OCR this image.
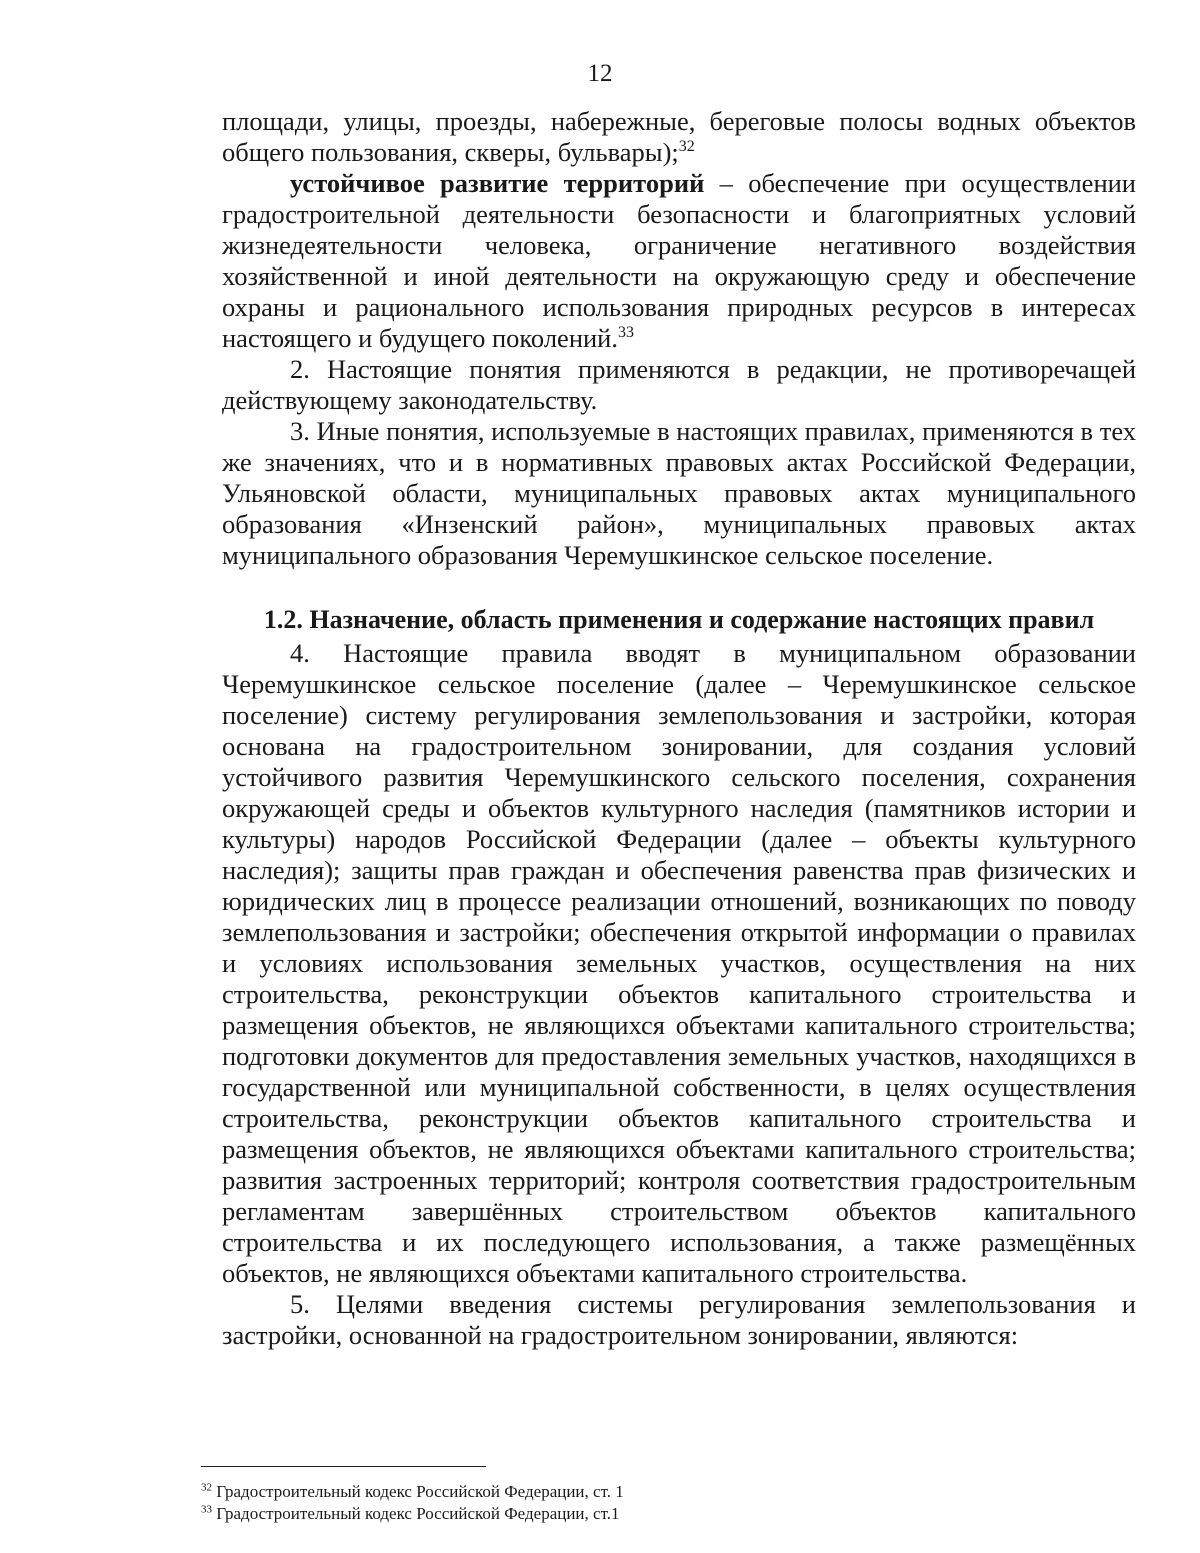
12

площади, улицы, проезды, набережные, береговые полосы водных объектов общего пользования, скверы, бульвары);$^{32}$

устойчивое развитие территорий – обеспечение при осуществлении градостроительной деятельности безопасности и благоприятных условий жизнедеятельности человека, ограничение негативного воздействия хозяйственной и иной деятельности на окружающую среду и обеспечение охраны и рационального использования природных ресурсов в интересах настоящего и будущего поколений.$^{33}$

2. Настоящие понятия применяются в редакции, не противоречащей действующему законодательству.

3. Иные понятия, используемые в настоящих правилах, применяются в тех же значениях, что и в нормативных правовых актах Российской Федерации, Ульяновской области, муниципальных правовых актах муниципального образования «Инзенский район», муниципальных правовых актах муниципального образования Черемушкинское сельское поселение.

1.2. Назначение, область применения и содержание настоящих правил

4. Настоящие правила вводят в муниципальном образовании Черемушкинское сельское поселение (далее – Черемушкинское сельское поселение) систему регулирования землепользования и застройки, которая основана на градостроительном зонировании, для создания условий устойчивого развития Черемушкинского сельского поселения, сохранения окружающей среды и объектов культурного наследия (памятников истории и культуры) народов Российской Федерации (далее – объекты культурного наследия); защиты прав граждан и обеспечения равенства прав физических и юридических лиц в процессе реализации отношений, возникающих по поводу землепользования и застройки; обеспечения открытой информации о правилах и условиях использования земельных участков, осуществления на них строительства, реконструкции объектов капитального строительства и размещения объектов, не являющихся объектами капитального строительства; подготовки документов для предоставления земельных участков, находящихся в государственной или муниципальной собственности, в целях осуществления строительства, реконструкции объектов капитального строительства и размещения объектов, не являющихся объектами капитального строительства; развития застроенных территорий; контроля соответствия градостроительным регламентам завершённых строительством объектов капитального строительства и их последующего использования, а также размещённых объектов, не являющихся объектами капитального строительства.

5. Целями введения системы регулирования землепользования и застройки, основанной на градостроительном зонировании, являются:

$^{32}$ Градостроительный кодекс Российской Федерации, ст. 1
$^{33}$ Градостроительный кодекс Российской Федерации, ст.1
